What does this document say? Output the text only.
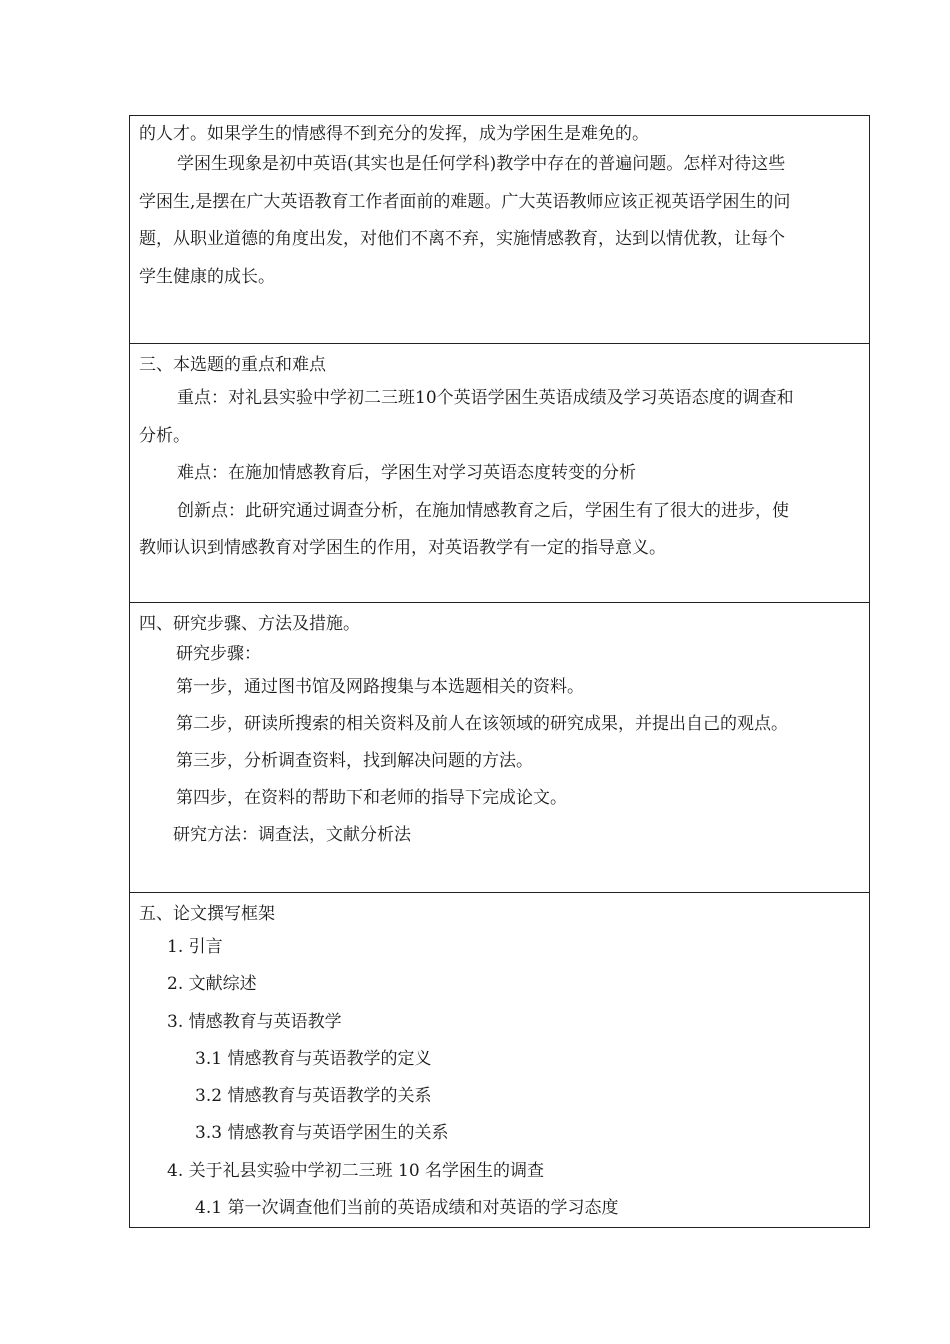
的人才。如果学生的情感得不到充分的发挥，成为学困生是难免的。
学困生现象是初中英语(其实也是任何学科)教学中存在的普遍问题。怎样对待这些
学困生,是摆在广大英语教育工作者面前的难题。广大英语教师应该正视英语学困生的问
题，从职业道德的角度出发，对他们不离不弃，实施情感教育，达到以情优教，让每个
学生健康的成长。
三、本选题的重点和难点
重点：对礼县实验中学初二三班10个英语学困生英语成绩及学习英语态度的调查和
分析。
难点：在施加情感教育后，学困生对学习英语态度转变的分析
创新点：此研究通过调查分析，在施加情感教育之后，学困生有了很大的进步，使
教师认识到情感教育对学困生的作用，对英语教学有一定的指导意义。
四、研究步骤、方法及措施。
研究步骤：
第一步，通过图书馆及网路搜集与本选题相关的资料。
第二步，研读所搜索的相关资料及前人在该领域的研究成果，并提出自己的观点。
第三步，分析调查资料，找到解决问题的方法。
第四步，在资料的帮助下和老师的指导下完成论文。
研究方法：调查法，文献分析法
五、论文撰写框架
1. 引言
2. 文献综述
3. 情感教育与英语教学
3.1 情感教育与英语教学的定义
3.2 情感教育与英语教学的关系
3.3 情感教育与英语学困生的关系
4. 关于礼县实验中学初二三班 10 名学困生的调查
4.1 第一次调查他们当前的英语成绩和对英语的学习态度
